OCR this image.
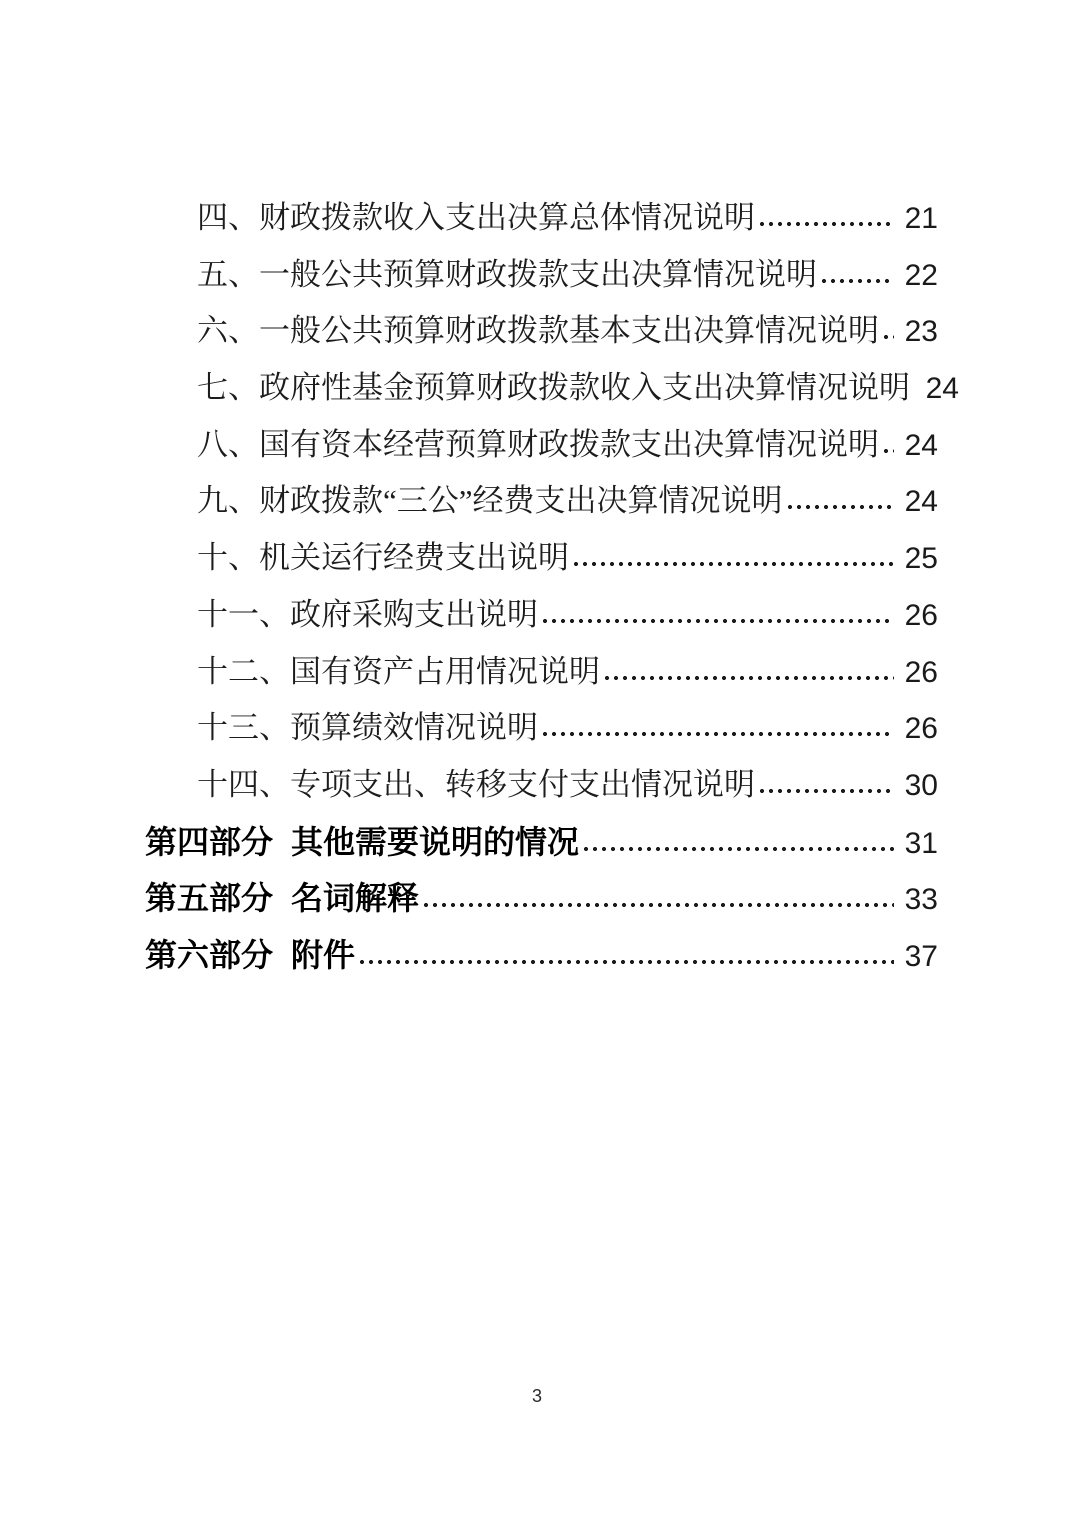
四、财政拨款收入支出决算总体情况说明	21
五、一般公共预算财政拨款支出决算情况说明	22
六、一般公共预算财政拨款基本支出决算情况说明 23
七、政府性基金预算财政拨款收入支出决算情况说明 24
八、国有资本经营预算财政拨款支出决算情况说明 24
九、财政拨款“三公”经费支出决算情况说明	24
十、机关运行经费支出说明	25
十一、政府采购支出说明	26
十二、国有资产占用情况说明	26
十三、预算绩效情况说明	26
十四、专项支出、转移支付支出情况说明	30
第四部分 其他需要说明的情况	31
第五部分 名词解释	33
第六部分 附件	37
3
